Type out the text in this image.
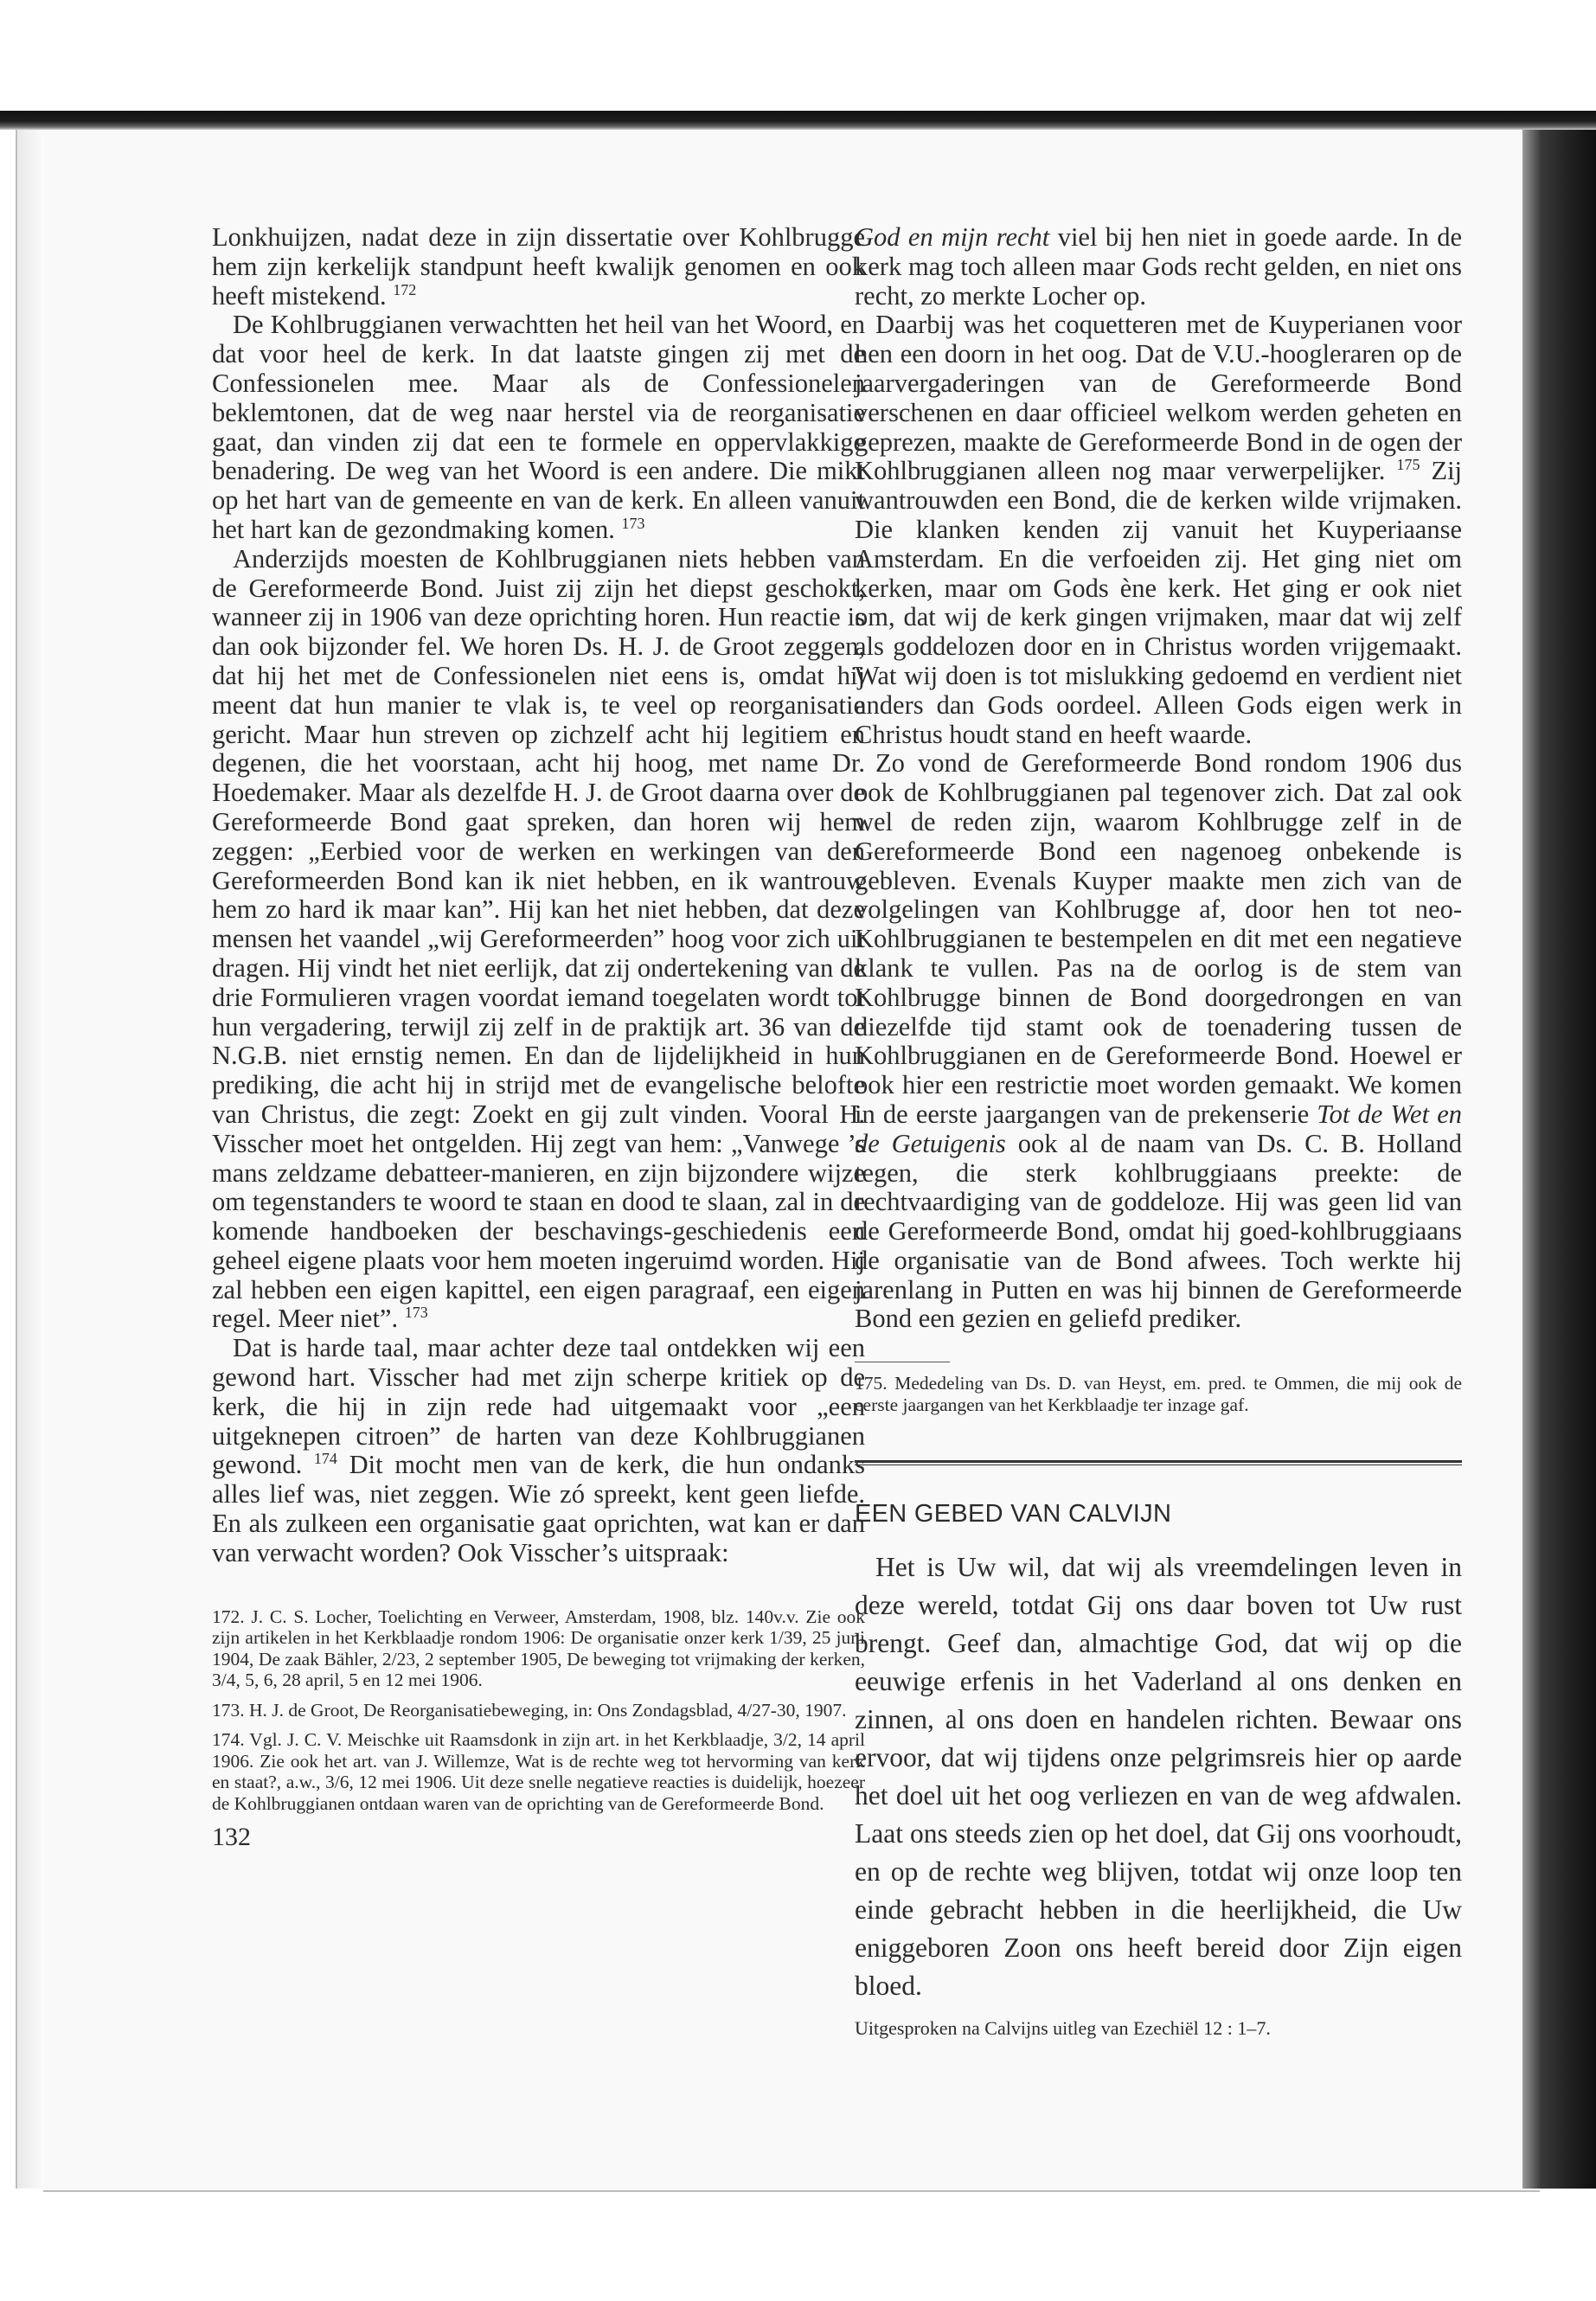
Lonkhuijzen, nadat deze in zijn dissertatie over Kohlbrugge hem zijn kerkelijk standpunt heeft kwalijk genomen en ook heeft mistekend. $^{172}$

De Kohlbruggianen verwachtten het heil van het Woord, en dat voor heel de kerk. In dat laatste gingen zij met de Confessionelen mee. Maar als de Confessionelen beklemtonen, dat de weg naar herstel via de reorganisatie gaat, dan vinden zij dat een te formele en oppervlakkige benadering. De weg van het Woord is een andere. Die mikt op het hart van de gemeente en van de kerk. En alleen vanuit het hart kan de gezondmaking komen. $^{173}$

Anderzijds moesten de Kohlbruggianen niets hebben van de Gereformeerde Bond. Juist zij zijn het diepst geschokt, wanneer zij in 1906 van deze oprichting horen. Hun reactie is dan ook bijzonder fel. We horen Ds. H. J. de Groot zeggen, dat hij het met de Confessionelen niet eens is, omdat hij meent dat hun manier te vlak is, te veel op reorganisatie gericht. Maar hun streven op zichzelf acht hij legitiem en degenen, die het voorstaan, acht hij hoog, met name Dr. Hoedemaker. Maar als dezelfde H. J. de Groot daarna over de Gereformeerde Bond gaat spreken, dan horen wij hem zeggen: „Eerbied voor de werken en werkingen van den Gereformeerden Bond kan ik niet hebben, en ik wantrouw hem zo hard ik maar kan”. Hij kan het niet hebben, dat deze mensen het vaandel „wij Gereformeerden” hoog voor zich uit dragen. Hij vindt het niet eerlijk, dat zij ondertekening van de drie Formulieren vragen voordat iemand toegelaten wordt tot hun vergadering, terwijl zij zelf in de praktijk art. 36 van de N.G.B. niet ernstig nemen. En dan de lijdelijkheid in hun prediking, die acht hij in strijd met de evangelische belofte van Christus, die zegt: Zoekt en gij zult vinden. Vooral H. Visscher moet het ontgelden. Hij zegt van hem: „Vanwege ’s mans zeldzame debatteer-manieren, en zijn bijzondere wijze om tegenstanders te woord te staan en dood te slaan, zal in de komende handboeken der beschavings-geschiedenis een geheel eigene plaats voor hem moeten ingeruimd worden. Hij zal hebben een eigen kapittel, een eigen paragraaf, een eigen regel. Meer niet”. $^{173}$

Dat is harde taal, maar achter deze taal ontdekken wij een gewond hart. Visscher had met zijn scherpe kritiek op de kerk, die hij in zijn rede had uitgemaakt voor „een uitgeknepen citroen” de harten van deze Kohlbruggianen gewond. $^{174}$ Dit mocht men van de kerk, die hun ondanks alles lief was, niet zeggen. Wie zó spreekt, kent geen liefde. En als zulkeen een organisatie gaat oprichten, wat kan er dan van verwacht worden? Ook Visscher’s uitspraak:

172. J. C. S. Locher, Toelichting en Verweer, Amsterdam, 1908, blz. 140v.v. Zie ook zijn artikelen in het Kerkblaadje rondom 1906: De organisatie onzer kerk 1/39, 25 juni 1904, De zaak Bähler, 2/23, 2 september 1905, De beweging tot vrijmaking der kerken, 3/4, 5, 6, 28 april, 5 en 12 mei 1906.

173. H. J. de Groot, De Reorganisatiebeweging, in: Ons Zondagsblad, 4/27-30, 1907.

174. Vgl. J. C. V. Meischke uit Raamsdonk in zijn art. in het Kerkblaadje, 3/2, 14 april 1906. Zie ook het art. van J. Willemze, Wat is de rechte weg tot hervorming van kerk en staat?, a.w., 3/6, 12 mei 1906. Uit deze snelle negatieve reacties is duidelijk, hoezeer de Kohlbruggianen ontdaan waren van de oprichting van de Gereformeerde Bond.

132

God en mijn recht viel bij hen niet in goede aarde. In de kerk mag toch alleen maar Gods recht gelden, en niet ons recht, zo merkte Locher op.

Daarbij was het coquetteren met de Kuyperianen voor hen een doorn in het oog. Dat de V.U.-hoogleraren op de jaarvergaderingen van de Gereformeerde Bond verschenen en daar officieel welkom werden geheten en geprezen, maakte de Gereformeerde Bond in de ogen der Kohlbruggianen alleen nog maar verwerpelijker. $^{175}$ Zij wantrouwden een Bond, die de kerken wilde vrijmaken. Die klanken kenden zij vanuit het Kuyperiaanse Amsterdam. En die verfoeiden zij. Het ging niet om kerken, maar om Gods ène kerk. Het ging er ook niet om, dat wij de kerk gingen vrijmaken, maar dat wij zelf als goddelozen door en in Christus worden vrijgemaakt. Wat wij doen is tot mislukking gedoemd en verdient niet anders dan Gods oordeel. Alleen Gods eigen werk in Christus houdt stand en heeft waarde.

Zo vond de Gereformeerde Bond rondom 1906 dus ook de Kohlbruggianen pal tegenover zich. Dat zal ook wel de reden zijn, waarom Kohlbrugge zelf in de Gereformeerde Bond een nagenoeg onbekende is gebleven. Evenals Kuyper maakte men zich van de volgelingen van Kohlbrugge af, door hen tot neo-Kohlbruggianen te bestempelen en dit met een negatieve klank te vullen. Pas na de oorlog is de stem van Kohlbrugge binnen de Bond doorgedrongen en van diezelfde tijd stamt ook de toenadering tussen de Kohlbruggianen en de Gereformeerde Bond. Hoewel er ook hier een restrictie moet worden gemaakt. We komen in de eerste jaargangen van de prekenserie Tot de Wet en de Getuigenis ook al de naam van Ds. C. B. Holland tegen, die sterk kohlbruggiaans preekte: de rechtvaardiging van de goddeloze. Hij was geen lid van de Gereformeerde Bond, omdat hij goed-kohlbruggiaans de organisatie van de Bond afwees. Toch werkte hij jarenlang in Putten en was hij binnen de Gereformeerde Bond een gezien en geliefd prediker.

175. Mededeling van Ds. D. van Heyst, em. pred. te Ommen, die mij ook de eerste jaargangen van het Kerkblaadje ter inzage gaf.

EEN GEBED VAN CALVIJN

Het is Uw wil, dat wij als vreemdelingen leven in deze wereld, totdat Gij ons daar boven tot Uw rust brengt. Geef dan, almachtige God, dat wij op die eeuwige erfenis in het Vaderland al ons denken en zinnen, al ons doen en handelen richten. Bewaar ons ervoor, dat wij tijdens onze pelgrimsreis hier op aarde het doel uit het oog verliezen en van de weg afdwalen. Laat ons steeds zien op het doel, dat Gij ons voorhoudt, en op de rechte weg blijven, totdat wij onze loop ten einde gebracht hebben in die heerlijkheid, die Uw eniggeboren Zoon ons heeft bereid door Zijn eigen bloed.

Uitgesproken na Calvijns uitleg van Ezechiël 12 : 1–7.
